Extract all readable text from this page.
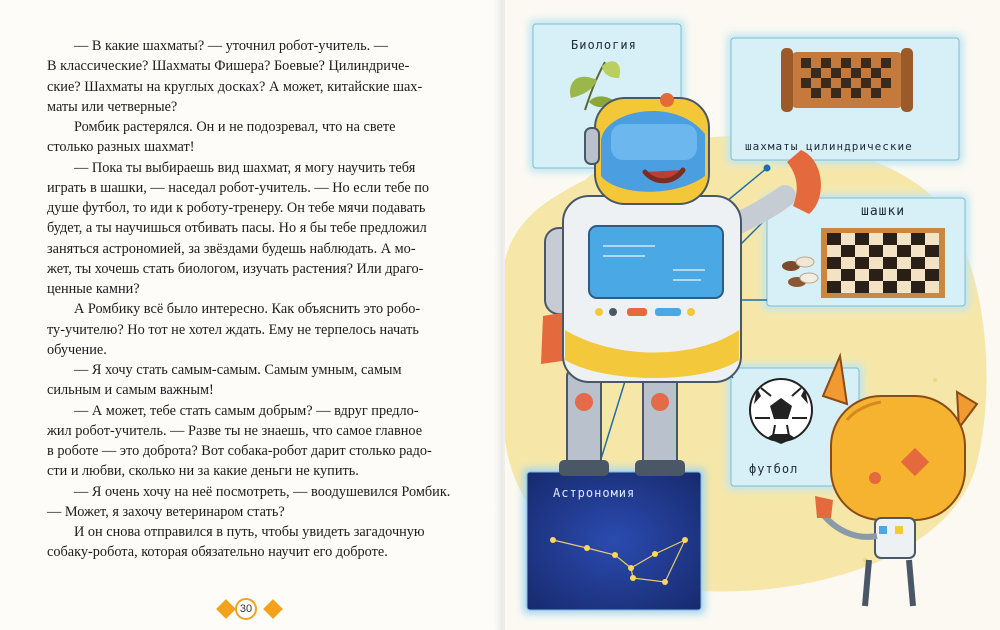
— В какие шахматы? — уточнил робот-учитель. —
В классические? Шахматы Фишера? Боевые? Цилиндриче-
ские? Шахматы на круглых досках? А может, китайские шах-
маты или четверные?
Ромбик растерялся. Он и не подозревал, что на свете
столько разных шахмат!
— Пока ты выбираешь вид шахмат, я могу научить тебя
играть в шашки, — наседал робот-учитель. — Но если тебе по
душе футбол, то иди к роботу-тренеру. Он тебе мячи подавать
будет, а ты научишься отбивать пасы. Но я бы тебе предложил
заняться астрономией, за звёздами будешь наблюдать. А мо-
жет, ты хочешь стать биологом, изучать растения? Или драго-
ценные камни?
А Ромбику всё было интересно. Как объяснить это робо-
ту-учителю? Но тот не хотел ждать. Ему не терпелось начать
обучение.
— Я хочу стать самым-самым. Самым умным, самым
сильным и самым важным!
— А может, тебе стать самым добрым? — вдруг предло-
жил робот-учитель. — Разве ты не знаешь, что самое главное
в роботе — это доброта? Вот собака-робот дарит столько радо-
сти и любви, сколько ни за какие деньги не купить.
— Я очень хочу на неё посмотреть, — воодушевился Ромбик.
— Может, я захочу ветеринаром стать?
И он снова отправился в путь, чтобы увидеть загадочную
собаку-робота, которая обязательно научит его доброте.
30
Биология
шахматы цилиндрические
шашки
футбол
Астрономия
